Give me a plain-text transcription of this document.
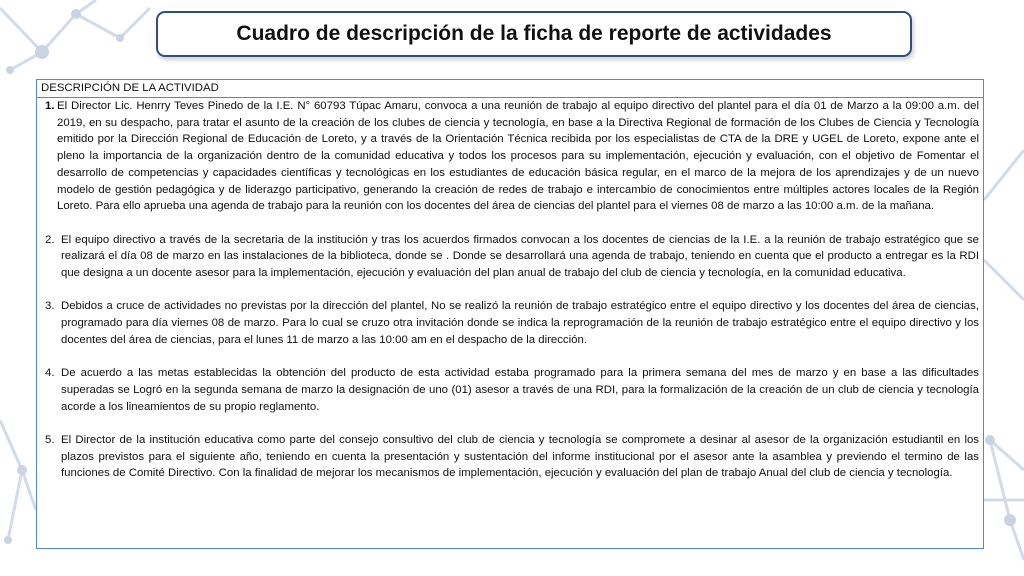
Cuadro de descripción de la ficha de reporte de actividades
DESCRIPCIÓN DE LA ACTIVIDAD
1. El Director Lic. Henrry Teves Pinedo de la I.E. N° 60793 Túpac Amaru, convoca a una reunión de trabajo al equipo directivo del plantel para el día 01 de Marzo a la 09:00 a.m. del 2019, en su despacho, para tratar el asunto de la creación de los clubes de ciencia y tecnología, en base a la Directiva Regional de formación de los Clubes de Ciencia y Tecnología emitido por la Dirección Regional de Educación de Loreto, y a través de la Orientación Técnica recibida por los especialistas de CTA de la DRE y UGEL de Loreto, expone ante el pleno la importancia de la organización dentro de la comunidad educativa y todos los procesos para su implementación, ejecución y evaluación, con el objetivo de Fomentar el desarrollo de competencias y capacidades científicas y tecnológicas en los estudiantes de educación básica regular, en el marco de la mejora de los aprendizajes y de un nuevo modelo de gestión pedagógica y de liderazgo participativo, generando la creación de redes de trabajo e intercambio de conocimientos entre múltiples actores locales de la Región Loreto. Para ello aprueba una agenda de trabajo para la reunión con los docentes del área de ciencias del plantel para el viernes 08 de marzo a las 10:00 a.m. de la mañana.
2. El equipo directivo a través de la secretaria de la institución y tras los acuerdos firmados convocan a los docentes de ciencias de la I.E. a la reunión de trabajo estratégico que se realizará el día 08 de marzo en las instalaciones de la biblioteca, donde se . Donde se desarrollará una agenda de trabajo, teniendo en cuenta que el producto a entregar es la RDI que designa a un docente asesor para la implementación, ejecución y evaluación del plan anual de trabajo del club de ciencia y tecnología, en la comunidad educativa.
3. Debidos a cruce de actividades no previstas por la dirección del plantel, No se realizó la reunión de trabajo estratégico entre el equipo directivo y los docentes del área de ciencias, programado para día viernes 08 de marzo. Para lo cual se cruzo otra invitación donde se indica la reprogramación de la reunión de trabajo estratégico entre el equipo directivo y los docentes del área de ciencias, para el lunes 11 de marzo a las 10:00 am en el despacho de la dirección.
4. De acuerdo a las metas establecidas la obtención del producto de esta actividad estaba programado para la primera semana del mes de marzo y en base a las dificultades superadas se Logró en la segunda semana de marzo la designación de uno (01) asesor a través de una RDI, para la formalización de la creación de un club de ciencia y tecnología acorde a los lineamientos de su propio reglamento.
5. El Director de la institución educativa como parte del consejo consultivo del club de ciencia y tecnología se compromete a desinar al asesor de la organización estudiantil en los plazos previstos para el siguiente año, teniendo en cuenta la presentación y sustentación del informe institucional por el asesor ante la asamblea y previendo el termino de las funciones de Comité Directivo. Con la finalidad de mejorar los mecanismos de implementación, ejecución y evaluación del plan de trabajo Anual del club de ciencia y tecnología.
